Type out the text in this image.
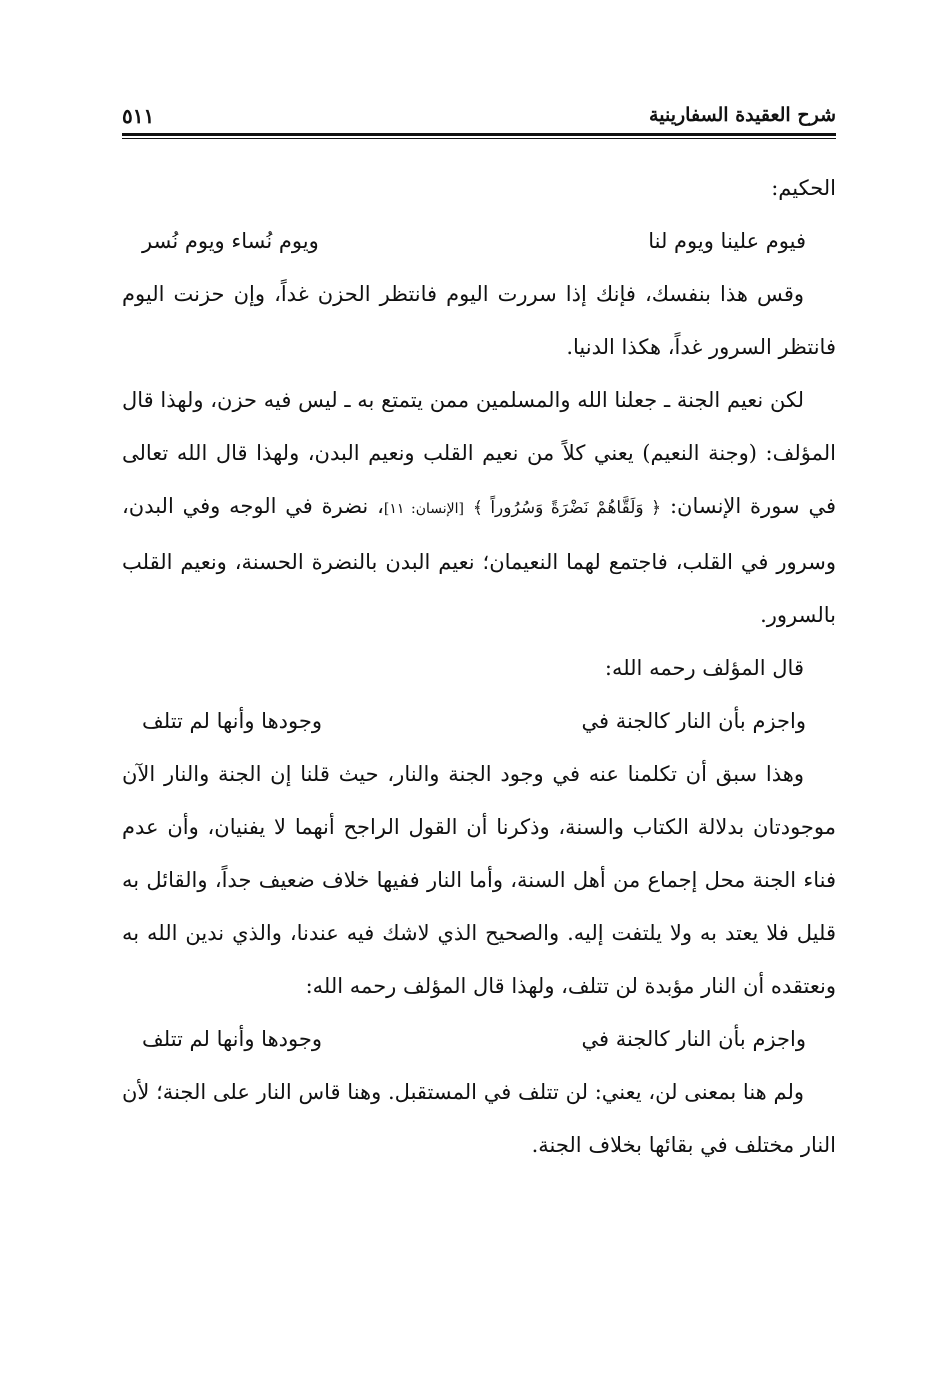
شرح العقيدة السفارينية
٥١١

الحكيم:

فيوم علينا ويوم لنا
ويوم نُساء ويوم نُسر

وقس هذا بنفسك، فإنك إذا سررت اليوم فانتظر الحزن غداً، وإن حزنت اليوم فانتظر السرور غداً، هكذا الدنيا.

لكن نعيم الجنة ـ جعلنا الله والمسلمين ممن يتمتع به ـ ليس فيه حزن، ولهذا قال المؤلف: (وجنة النعيم) يعني كلاً من نعيم القلب ونعيم البدن، ولهذا قال الله تعالى في سورة الإنسان: ﴿ وَلَقَّاهُمْ نَضْرَةً وَسُرُوراً ﴾ [الإنسان: ١١]، نضرة في الوجه وفي البدن، وسرور في القلب، فاجتمع لهما النعيمان؛ نعيم البدن بالنضرة الحسنة، ونعيم القلب بالسرور.

قال المؤلف رحمه الله:

واجزم بأن النار كالجنة في
وجودها وأنها لم تتلف

وهذا سبق أن تكلمنا عنه في وجود الجنة والنار، حيث قلنا إن الجنة والنار الآن موجودتان بدلالة الكتاب والسنة، وذكرنا أن القول الراجح أنهما لا يفنيان، وأن عدم فناء الجنة محل إجماع من أهل السنة، وأما النار ففيها خلاف ضعيف جداً، والقائل به قليل فلا يعتد به ولا يلتفت إليه. والصحيح الذي لاشك فيه عندنا، والذي ندين الله به ونعتقده أن النار مؤبدة لن تتلف، ولهذا قال المؤلف رحمه الله:

واجزم بأن النار كالجنة في
وجودها وأنها لم تتلف

ولم هنا بمعنى لن، يعني: لن تتلف في المستقبل. وهنا قاس النار على الجنة؛ لأن النار مختلف في بقائها بخلاف الجنة.
